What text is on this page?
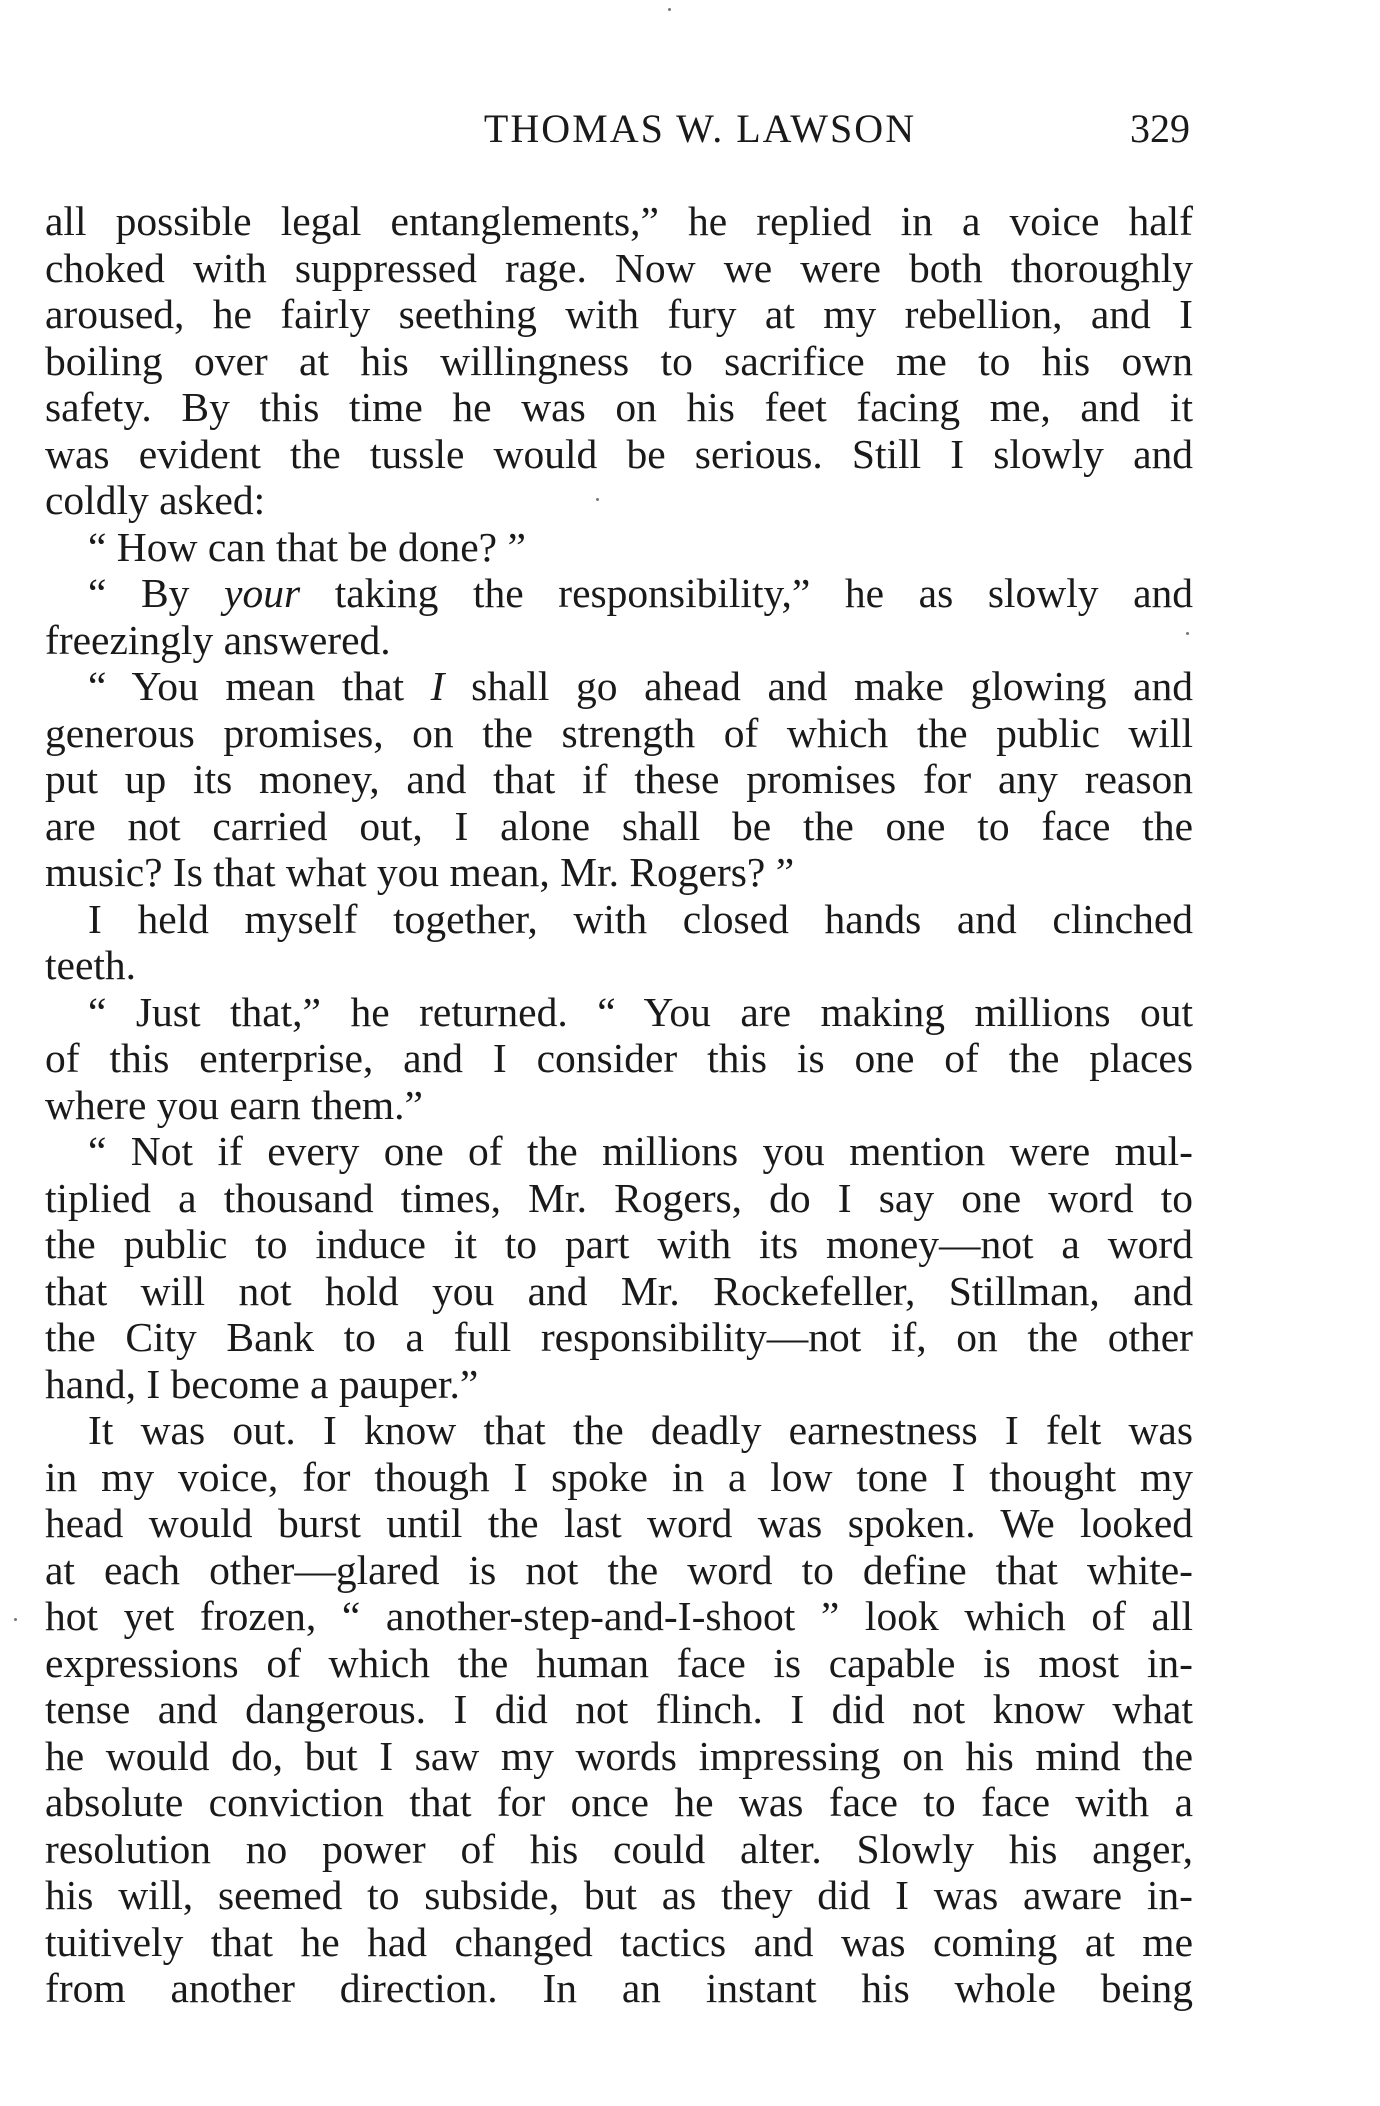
THOMAS W. LAWSON	329
all possible legal entanglements,” he replied in a voice half
choked with suppressed rage. Now we were both thoroughly
aroused, he fairly seething with fury at my rebellion, and I
boiling over at his willingness to sacrifice me to his own
safety. By this time he was on his feet facing me, and it
was evident the tussle would be serious. Still I slowly and
coldly asked:
“ How can that be done? ”
“ By your taking the responsibility,” he as slowly and
freezingly answered.
“ You mean that I shall go ahead and make glowing and
generous promises, on the strength of which the public will
put up its money, and that if these promises for any reason
are not carried out, I alone shall be the one to face the
music? Is that what you mean, Mr. Rogers? ”
I held myself together, with closed hands and clinched
teeth.
“ Just that,” he returned. “ You are making millions out
of this enterprise, and I consider this is one of the places
where you earn them.”
“ Not if every one of the millions you mention were mul-
tiplied a thousand times, Mr. Rogers, do I say one word to
the public to induce it to part with its money—not a word
that will not hold you and Mr. Rockefeller, Stillman, and
the City Bank to a full responsibility—not if, on the other
hand, I become a pauper.”
It was out. I know that the deadly earnestness I felt was
in my voice, for though I spoke in a low tone I thought my
head would burst until the last word was spoken. We looked
at each other—glared is not the word to define that white-
hot yet frozen, “ another-step-and-I-shoot ” look which of all
expressions of which the human face is capable is most in-
tense and dangerous. I did not flinch. I did not know what
he would do, but I saw my words impressing on his mind the
absolute conviction that for once he was face to face with a
resolution no power of his could alter. Slowly his anger,
his will, seemed to subside, but as they did I was aware in-
tuitively that he had changed tactics and was coming at me
from another direction. In an instant his whole being
